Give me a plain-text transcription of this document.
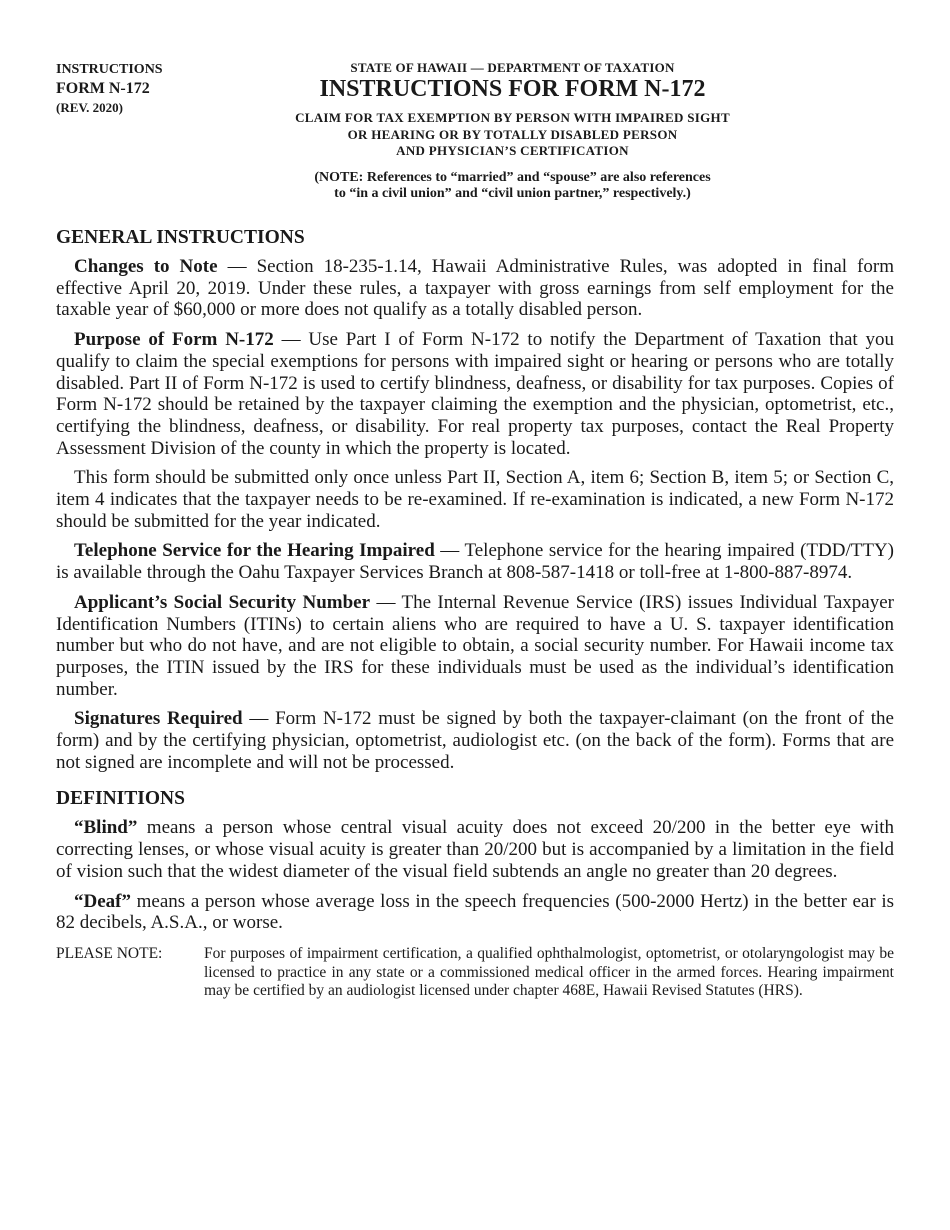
INSTRUCTIONS
FORM N-172
(REV. 2020)
STATE OF HAWAII — DEPARTMENT OF TAXATION
INSTRUCTIONS FOR FORM N-172
CLAIM FOR TAX EXEMPTION BY PERSON WITH IMPAIRED SIGHT
OR HEARING OR BY TOTALLY DISABLED PERSON
AND PHYSICIAN’S CERTIFICATION
(NOTE: References to “married” and “spouse” are also references
to “in a civil union” and “civil union partner,” respectively.)
GENERAL INSTRUCTIONS

Changes to Note — Section 18-235-1.14, Hawaii Administrative Rules, was adopted in final form effective April 20, 2019. Under these rules, a taxpayer with gross earnings from self employment for the taxable year of $60,000 or more does not qualify as a totally disabled person.

Purpose of Form N-172 — Use Part I of Form N-172 to notify the Department of Taxation that you qualify to claim the special exemptions for persons with impaired sight or hearing or persons who are totally disabled. Part II of Form N-172 is used to certify blindness, deafness, or disability for tax purposes. Copies of Form N-172 should be retained by the taxpayer claiming the exemption and the physician, optometrist, etc., certifying the blindness, deafness, or disability. For real property tax purposes, contact the Real Property Assessment Division of the county in which the property is located.

This form should be submitted only once unless Part II, Section A, item 6; Section B, item 5; or Section C, item 4 indicates that the taxpayer needs to be re-examined. If re-examination is indicated, a new Form N-172 should be submitted for the year indicated.

Telephone Service for the Hearing Impaired — Telephone service for the hearing impaired (TDD/TTY) is available through the Oahu Taxpayer Services Branch at 808-587-1418 or toll-free at 1-800-887-8974.

Applicant’s Social Security Number — The Internal Revenue Service (IRS) issues Individual Taxpayer Identification Numbers (ITINs) to certain aliens who are required to have a U. S. taxpayer identification number but who do not have, and are not eligible to obtain, a social security number. For Hawaii income tax purposes, the ITIN issued by the IRS for these individuals must be used as the individual’s identification number.

Signatures Required — Form N-172 must be signed by both the taxpayer-claimant (on the front of the form) and by the certifying physician, optometrist, audiologist etc. (on the back of the form). Forms that are not signed are incomplete and will not be processed.

DEFINITIONS

“Blind” means a person whose central visual acuity does not exceed 20/200 in the better eye with correcting lenses, or whose visual acuity is greater than 20/200 but is accompanied by a limitation in the field of vision such that the widest diameter of the visual field subtends an angle no greater than 20 degrees.

“Deaf” means a person whose average loss in the speech frequencies (500-2000 Hertz) in the better ear is 82 decibels, A.S.A., or worse.

PLEASE NOTE:	For purposes of impairment certification, a qualified ophthalmologist, optometrist, or otolaryngologist may be licensed to practice in any state or a commissioned medical officer in the armed forces. Hearing impairment may be certified by an audiologist licensed under chapter 468E, Hawaii Revised Statutes (HRS).
